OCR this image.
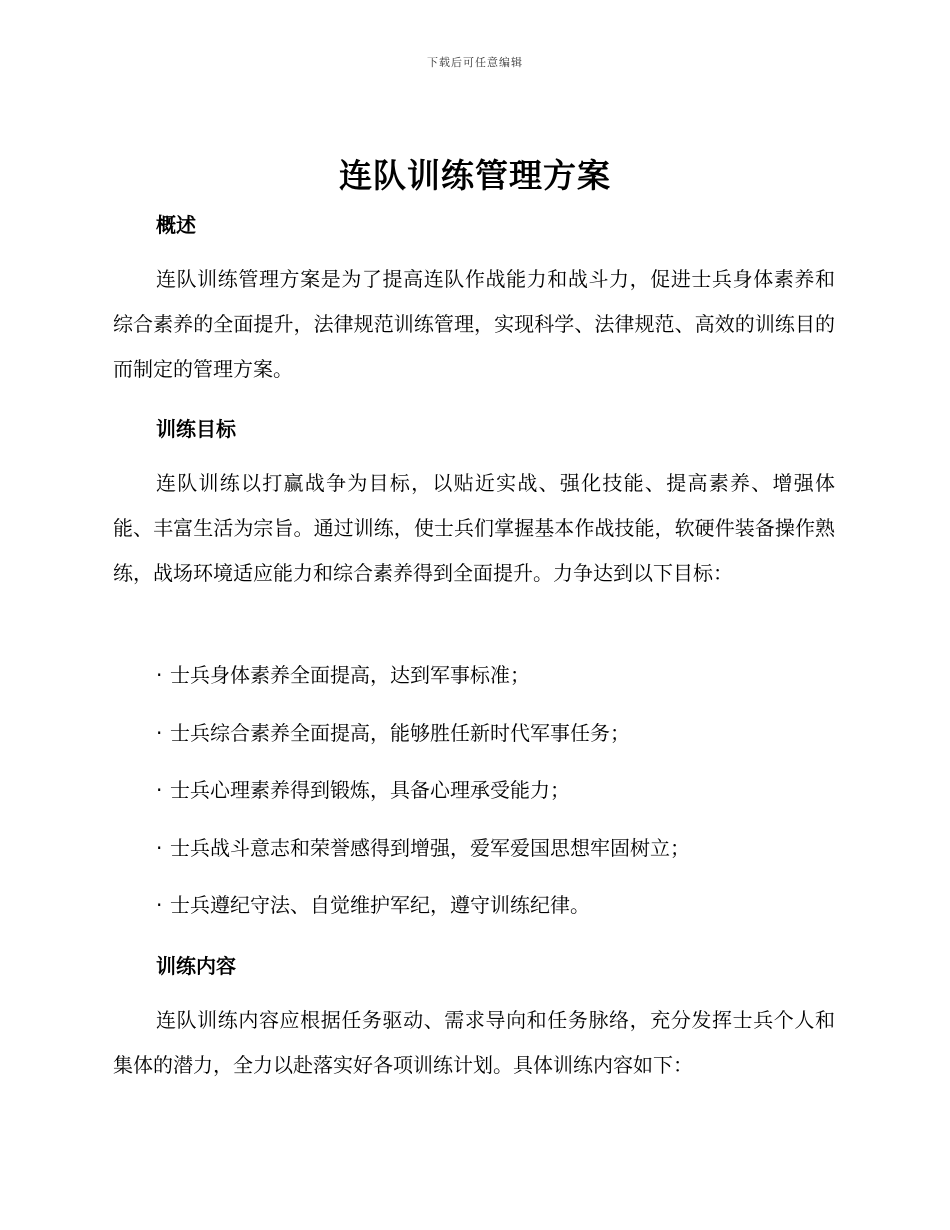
下载后可任意编辑
连队训练管理方案
概述

连队训练管理方案是为了提高连队作战能力和战斗力，促进士兵身体素养和综合素养的全面提升，法律规范训练管理，实现科学、法律规范、高效的训练目的而制定的管理方案。

训练目标

连队训练以打赢战争为目标，以贴近实战、强化技能、提高素养、增强体能、丰富生活为宗旨。通过训练，使士兵们掌握基本作战技能，软硬件装备操作熟练，战场环境适应能力和综合素养得到全面提升。力争达到以下目标：

· 士兵身体素养全面提高，达到军事标准；
· 士兵综合素养全面提高，能够胜任新时代军事任务；
· 士兵心理素养得到锻炼，具备心理承受能力；
· 士兵战斗意志和荣誉感得到增强，爱军爱国思想牢固树立；
· 士兵遵纪守法、自觉维护军纪，遵守训练纪律。
训练内容

连队训练内容应根据任务驱动、需求导向和任务脉络，充分发挥士兵个人和集体的潜力，全力以赴落实好各项训练计划。具体训练内容如下：
